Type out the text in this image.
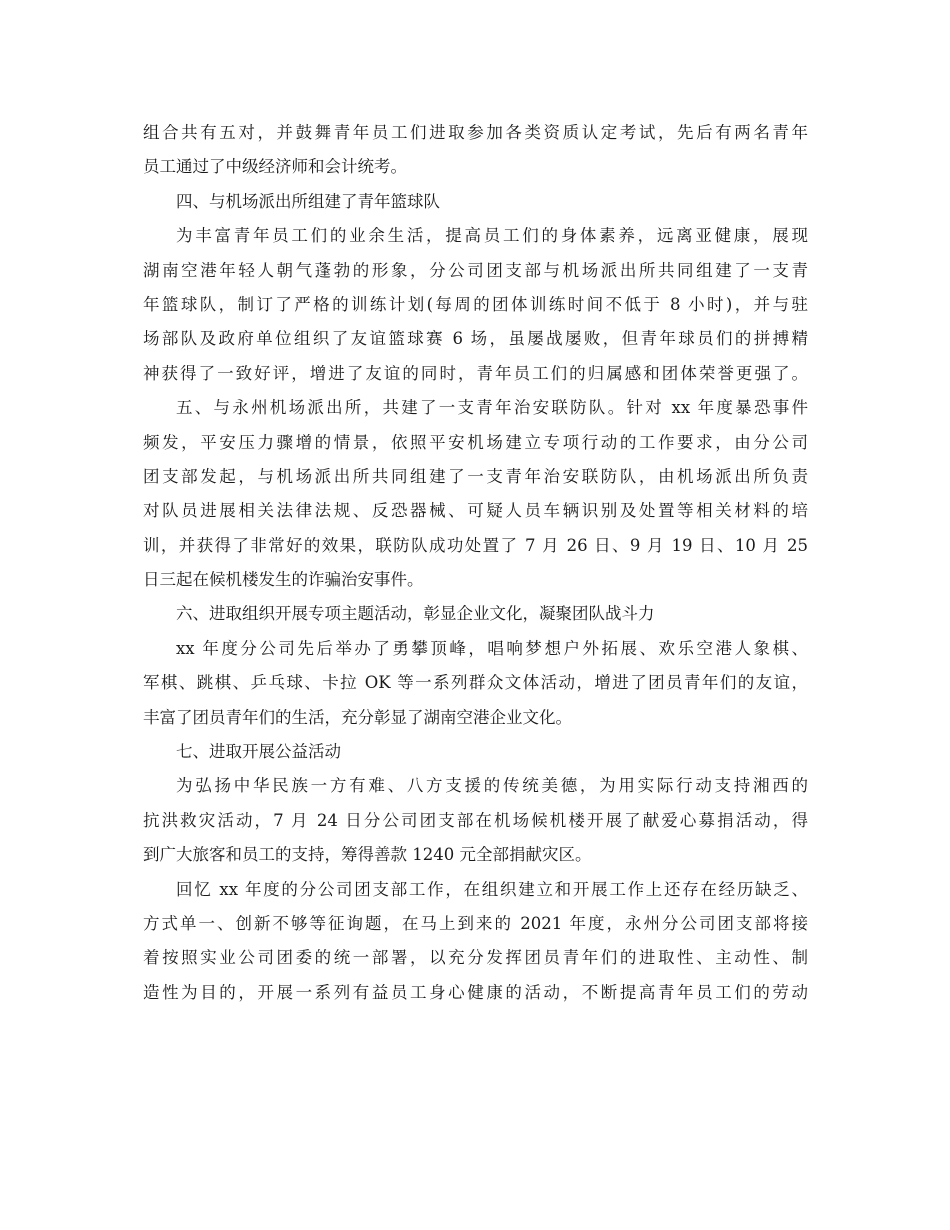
组合共有五对，并鼓舞青年员工们进取参加各类资质认定考试，先后有两名青年
员工通过了中级经济师和会计统考。
四、与机场派出所组建了青年篮球队
为丰富青年员工们的业余生活，提高员工们的身体素养，远离亚健康，展现
湖南空港年轻人朝气蓬勃的形象，分公司团支部与机场派出所共同组建了一支青
年篮球队，制订了严格的训练计划(每周的团体训练时间不低于 8 小时)，并与驻
场部队及政府单位组织了友谊篮球赛 6 场，虽屡战屡败，但青年球员们的拼搏精
神获得了一致好评，增进了友谊的同时，青年员工们的归属感和团体荣誉更强了。
五、与永州机场派出所，共建了一支青年治安联防队。针对 xx 年度暴恐事件
频发，平安压力骤增的情景，依照平安机场建立专项行动的工作要求，由分公司
团支部发起，与机场派出所共同组建了一支青年治安联防队，由机场派出所负责
对队员进展相关法律法规、反恐器械、可疑人员车辆识别及处置等相关材料的培
训，并获得了非常好的效果，联防队成功处置了 7 月 26 日、9 月 19 日、10 月 25
日三起在候机楼发生的诈骗治安事件。
六、进取组织开展专项主题活动，彰显企业文化，凝聚团队战斗力
xx 年度分公司先后举办了勇攀顶峰，唱响梦想户外拓展、欢乐空港人象棋、
军棋、跳棋、乒乓球、卡拉 OK 等一系列群众文体活动，增进了团员青年们的友谊，
丰富了团员青年们的生活，充分彰显了湖南空港企业文化。
七、进取开展公益活动
为弘扬中华民族一方有难、八方支援的传统美德，为用实际行动支持湘西的
抗洪救灾活动，7 月 24 日分公司团支部在机场候机楼开展了献爱心募捐活动，得
到广大旅客和员工的支持，筹得善款 1240 元全部捐献灾区。
回忆 xx 年度的分公司团支部工作，在组织建立和开展工作上还存在经历缺乏、
方式单一、创新不够等征询题，在马上到来的 2021 年度，永州分公司团支部将接
着按照实业公司团委的统一部署，以充分发挥团员青年们的进取性、主动性、制
造性为目的，开展一系列有益员工身心健康的活动，不断提高青年员工们的劳动
